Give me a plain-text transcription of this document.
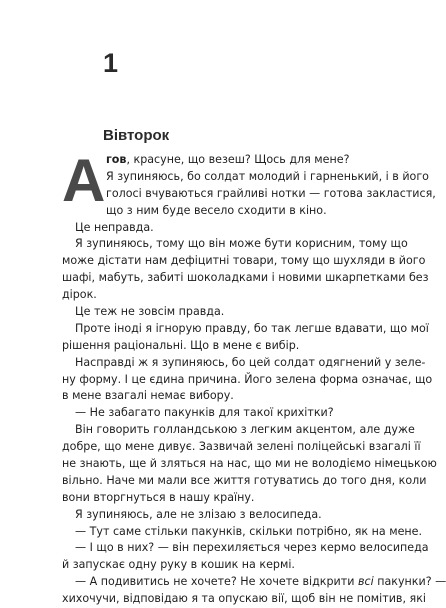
1
Вівторок
А гов, красуне, що везеш? Щось для мене?
Я зупиняюсь, бо солдат молодий і гарненький, і в його
голосі вчуваються грайливі нотки — готова закластися,
що з ним буде весело сходити в кіно.
Це неправда.
Я зупиняюсь, тому що він може бути корисним, тому що
може дістати нам дефіцитні товари, тому що шухляди в його
шафі, мабуть, забиті шоколадками і новими шкарпетками без
дірок.
Це теж не зовсім правда.
Проте іноді я ігнорую правду, бо так легше вдавати, що мої
рішення раціональні. Що в мене є вибір.
Насправді ж я зупиняюсь, бо цей солдат одягнений у зеле-
ну форму. І це єдина причина. Його зелена форма означає, що
в мене взагалі немає вибору.
— Не забагато пакунків для такої крихітки?
Він говорить голландською з легким акцентом, але дуже
добре, що мене дивує. Зазвичай зелені поліцейські взагалі її
не знають, ще й зляться на нас, що ми не володіємо німецькою
вільно. Наче ми мали все життя готуватись до того дня, коли
вони вторгнуться в нашу країну.
Я зупиняюсь, але не злізаю з велосипеда.
— Тут саме стільки пакунків, скільки потрібно, як на мене.
— І що в них? — він перехиляється через кермо велосипеда
й запускає одну руку в кошик на кермі.
— А подивитись не хочете? Не хочете відкрити всі пакунки? —
хихочучи, відповідаю я та опускаю вії, щоб він не помітив, які
